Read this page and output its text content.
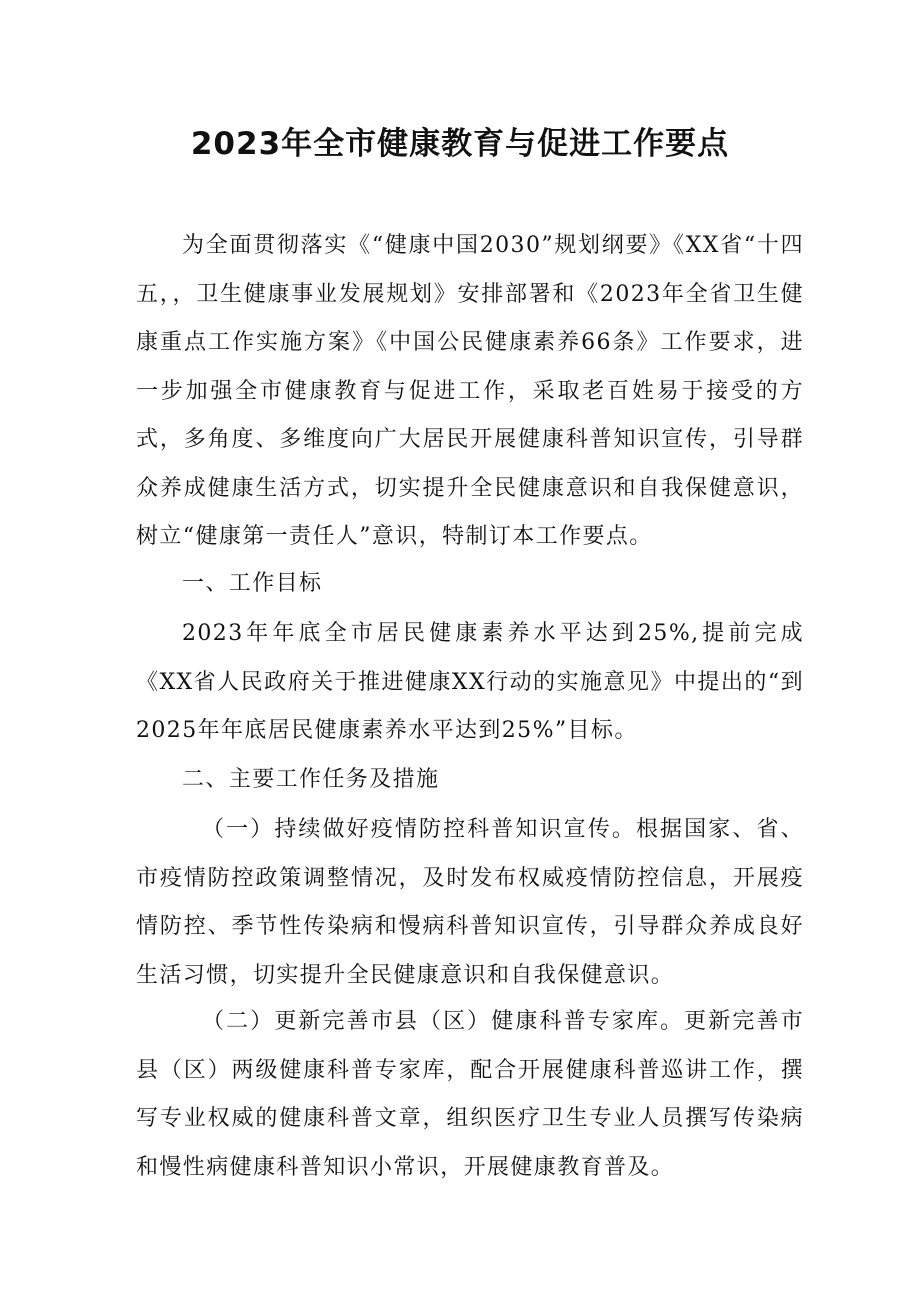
2023年全市健康教育与促进工作要点

为全面贯彻落实《“健康中国2030”规划纲要》《XX省“十四五，，卫生健康事业发展规划》安排部署和《2023年全省卫生健康重点工作实施方案》《中国公民健康素养66条》工作要求，进一步加强全市健康教育与促进工作，采取老百姓易于接受的方式，多角度、多维度向广大居民开展健康科普知识宣传，引导群众养成健康生活方式，切实提升全民健康意识和自我保健意识，树立“健康第一责任人”意识，特制订本工作要点。

一、工作目标

2023年年底全市居民健康素养水平达到25%,提前完成《XX省人民政府关于推进健康XX行动的实施意见》中提出的“到2025年年底居民健康素养水平达到25%”目标。

二、主要工作任务及措施

（一）持续做好疫情防控科普知识宣传。根据国家、省、市疫情防控政策调整情况，及时发布权威疫情防控信息，开展疫情防控、季节性传染病和慢病科普知识宣传，引导群众养成良好生活习惯，切实提升全民健康意识和自我保健意识。

（二）更新完善市县（区）健康科普专家库。更新完善市县（区）两级健康科普专家库，配合开展健康科普巡讲工作，撰写专业权威的健康科普文章，组织医疗卫生专业人员撰写传染病和慢性病健康科普知识小常识，开展健康教育普及。
